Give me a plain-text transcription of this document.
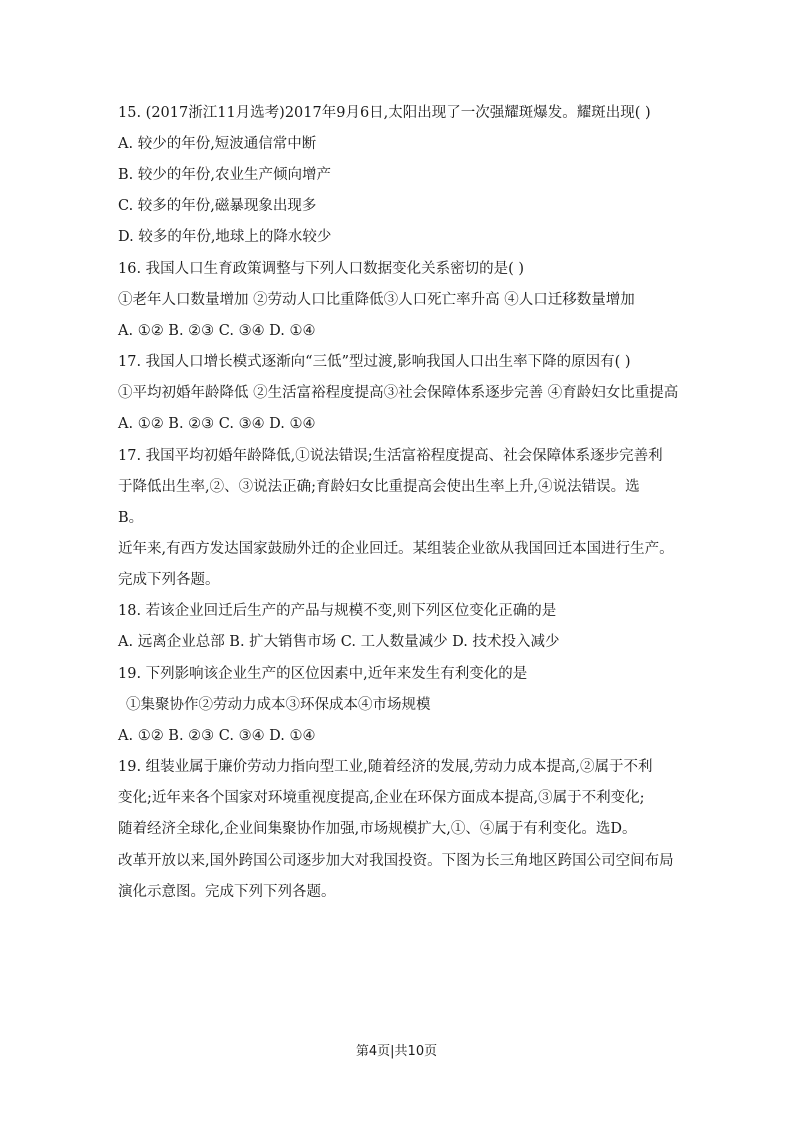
15. (2017浙江11月选考)2017年9月6日,太阳出现了一次强耀斑爆发。耀斑出现( )
A. 较少的年份,短波通信常中断
B. 较少的年份,农业生产倾向增产
C. 较多的年份,磁暴现象出现多
D. 较多的年份,地球上的降水较少
16. 我国人口生育政策调整与下列人口数据变化关系密切的是( )
①老年人口数量增加 ②劳动人口比重降低③人口死亡率升高 ④人口迁移数量增加
A. ①② B. ②③ C. ③④ D. ①④
17. 我国人口增长模式逐渐向“三低”型过渡,影响我国人口出生率下降的原因有( )
①平均初婚年龄降低 ②生活富裕程度提高③社会保障体系逐步完善 ④育龄妇女比重提高
A. ①② B. ②③ C. ③④ D. ①④
17. 我国平均初婚年龄降低,①说法错误;生活富裕程度提高、社会保障体系逐步完善利
于降低出生率,②、③说法正确;育龄妇女比重提高会使出生率上升,④说法错误。选
B。
近年来,有西方发达国家鼓励外迁的企业回迁。某组装企业欲从我国回迁本国进行生产。
完成下列各题。
18. 若该企业回迁后生产的产品与规模不变,则下列区位变化正确的是
A. 远离企业总部 B. 扩大销售市场 C. 工人数量减少 D. 技术投入减少
19. 下列影响该企业生产的区位因素中,近年来发生有利变化的是
①集聚协作②劳动力成本③环保成本④市场规模
A. ①② B. ②③ C. ③④ D. ①④
19. 组装业属于廉价劳动力指向型工业,随着经济的发展,劳动力成本提高,②属于不利
变化;近年来各个国家对环境重视度提高,企业在环保方面成本提高,③属于不利变化;
随着经济全球化,企业间集聚协作加强,市场规模扩大,①、④属于有利变化。选D。
改革开放以来,国外跨国公司逐步加大对我国投资。下图为长三角地区跨国公司空间布局
演化示意图。完成下列下列各题。
第4页|共10页
